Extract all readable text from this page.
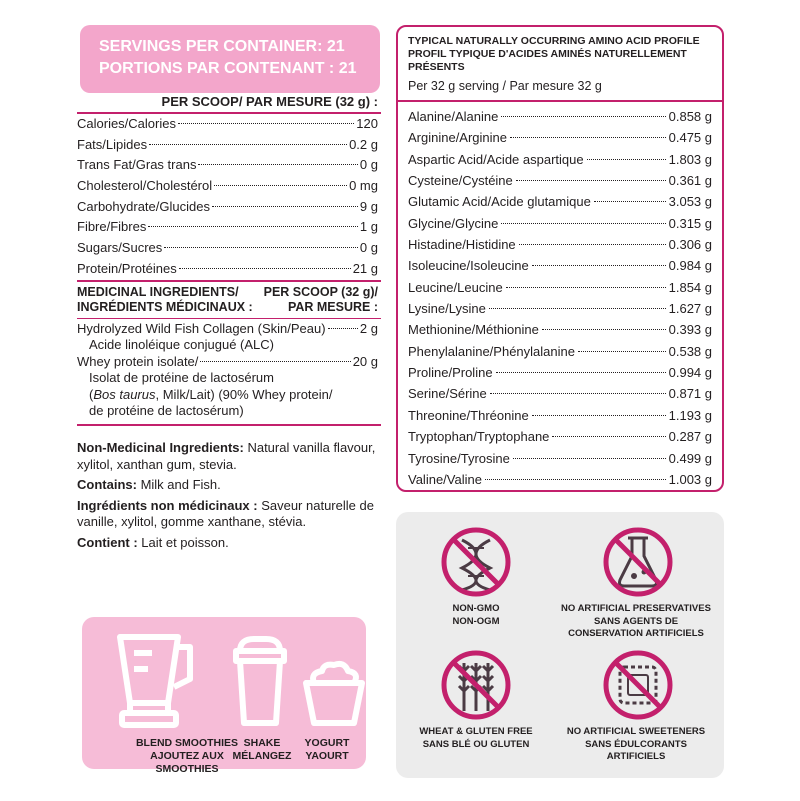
SERVINGS PER CONTAINER: 21
PORTIONS PAR CONTENANT : 21
PER SCOOP/ PAR MESURE (32 g) :
Calories/Calories	120
Fats/Lipides	0.2 g
Trans Fat/Gras trans	0 g
Cholesterol/Cholestérol	0 mg
Carbohydrate/Glucides	9 g
Fibre/Fibres	1 g
Sugars/Sucres	0 g
Protein/Protéines	21 g
MEDICINAL INGREDIENTS/
INGRÉDIENTS MÉDICINAUX :
PER SCOOP (32 g)/
PAR MESURE :
Hydrolyzed Wild Fish Collagen (Skin/Peau)	2 g
Acide linoléique conjugué (ALC)
Whey protein isolate/	20 g
Isolat de protéine de lactosérum
(Bos taurus, Milk/Lait) (90% Whey protein/
de protéine de lactosérum)

Non-Medicinal Ingredients: Natural vanilla flavour, xylitol, xanthan gum, stevia.

Contains: Milk and Fish.

Ingrédients non médicinaux : Saveur naturelle de vanille, xylitol, gomme xanthane, stévia.

Contient : Lait et poisson.

BLEND SMOOTHIES
AJOUTEZ AUX SMOOTHIES
SHAKE
MÉLANGEZ
YOGURT
YAOURT
TYPICAL NATURALLY OCCURRING AMINO ACID PROFILE
PROFIL TYPIQUE D'ACIDES AMINÉS NATURELLEMENT PRÉSENTS
Per 32 g serving / Par mesure 32 g
Alanine/Alanine	0.858 g
Arginine/Arginine	0.475 g
Aspartic Acid/Acide aspartique	1.803 g
Cysteine/Cystéine	0.361 g
Glutamic Acid/Acide glutamique	3.053 g
Glycine/Glycine	0.315 g
Histadine/Histidine	0.306 g
Isoleucine/Isoleucine	0.984 g
Leucine/Leucine	1.854 g
Lysine/Lysine	1.627 g
Methionine/Méthionine	0.393 g
Phenylalanine/Phénylalanine	0.538 g
Proline/Proline	0.994 g
Serine/Sérine	0.871 g
Threonine/Thréonine	1.193 g
Tryptophan/Tryptophane	0.287 g
Tyrosine/Tyrosine	0.499 g
Valine/Valine	1.003 g
NON-GMO
NON-OGM
NO ARTIFICIAL PRESERVATIVES
SANS AGENTS DE
CONSERVATION ARTIFICIELS
WHEAT & GLUTEN FREE
SANS BLÉ OU GLUTEN
NO ARTIFICIAL SWEETENERS
SANS ÉDULCORANTS
ARTIFICIELS
